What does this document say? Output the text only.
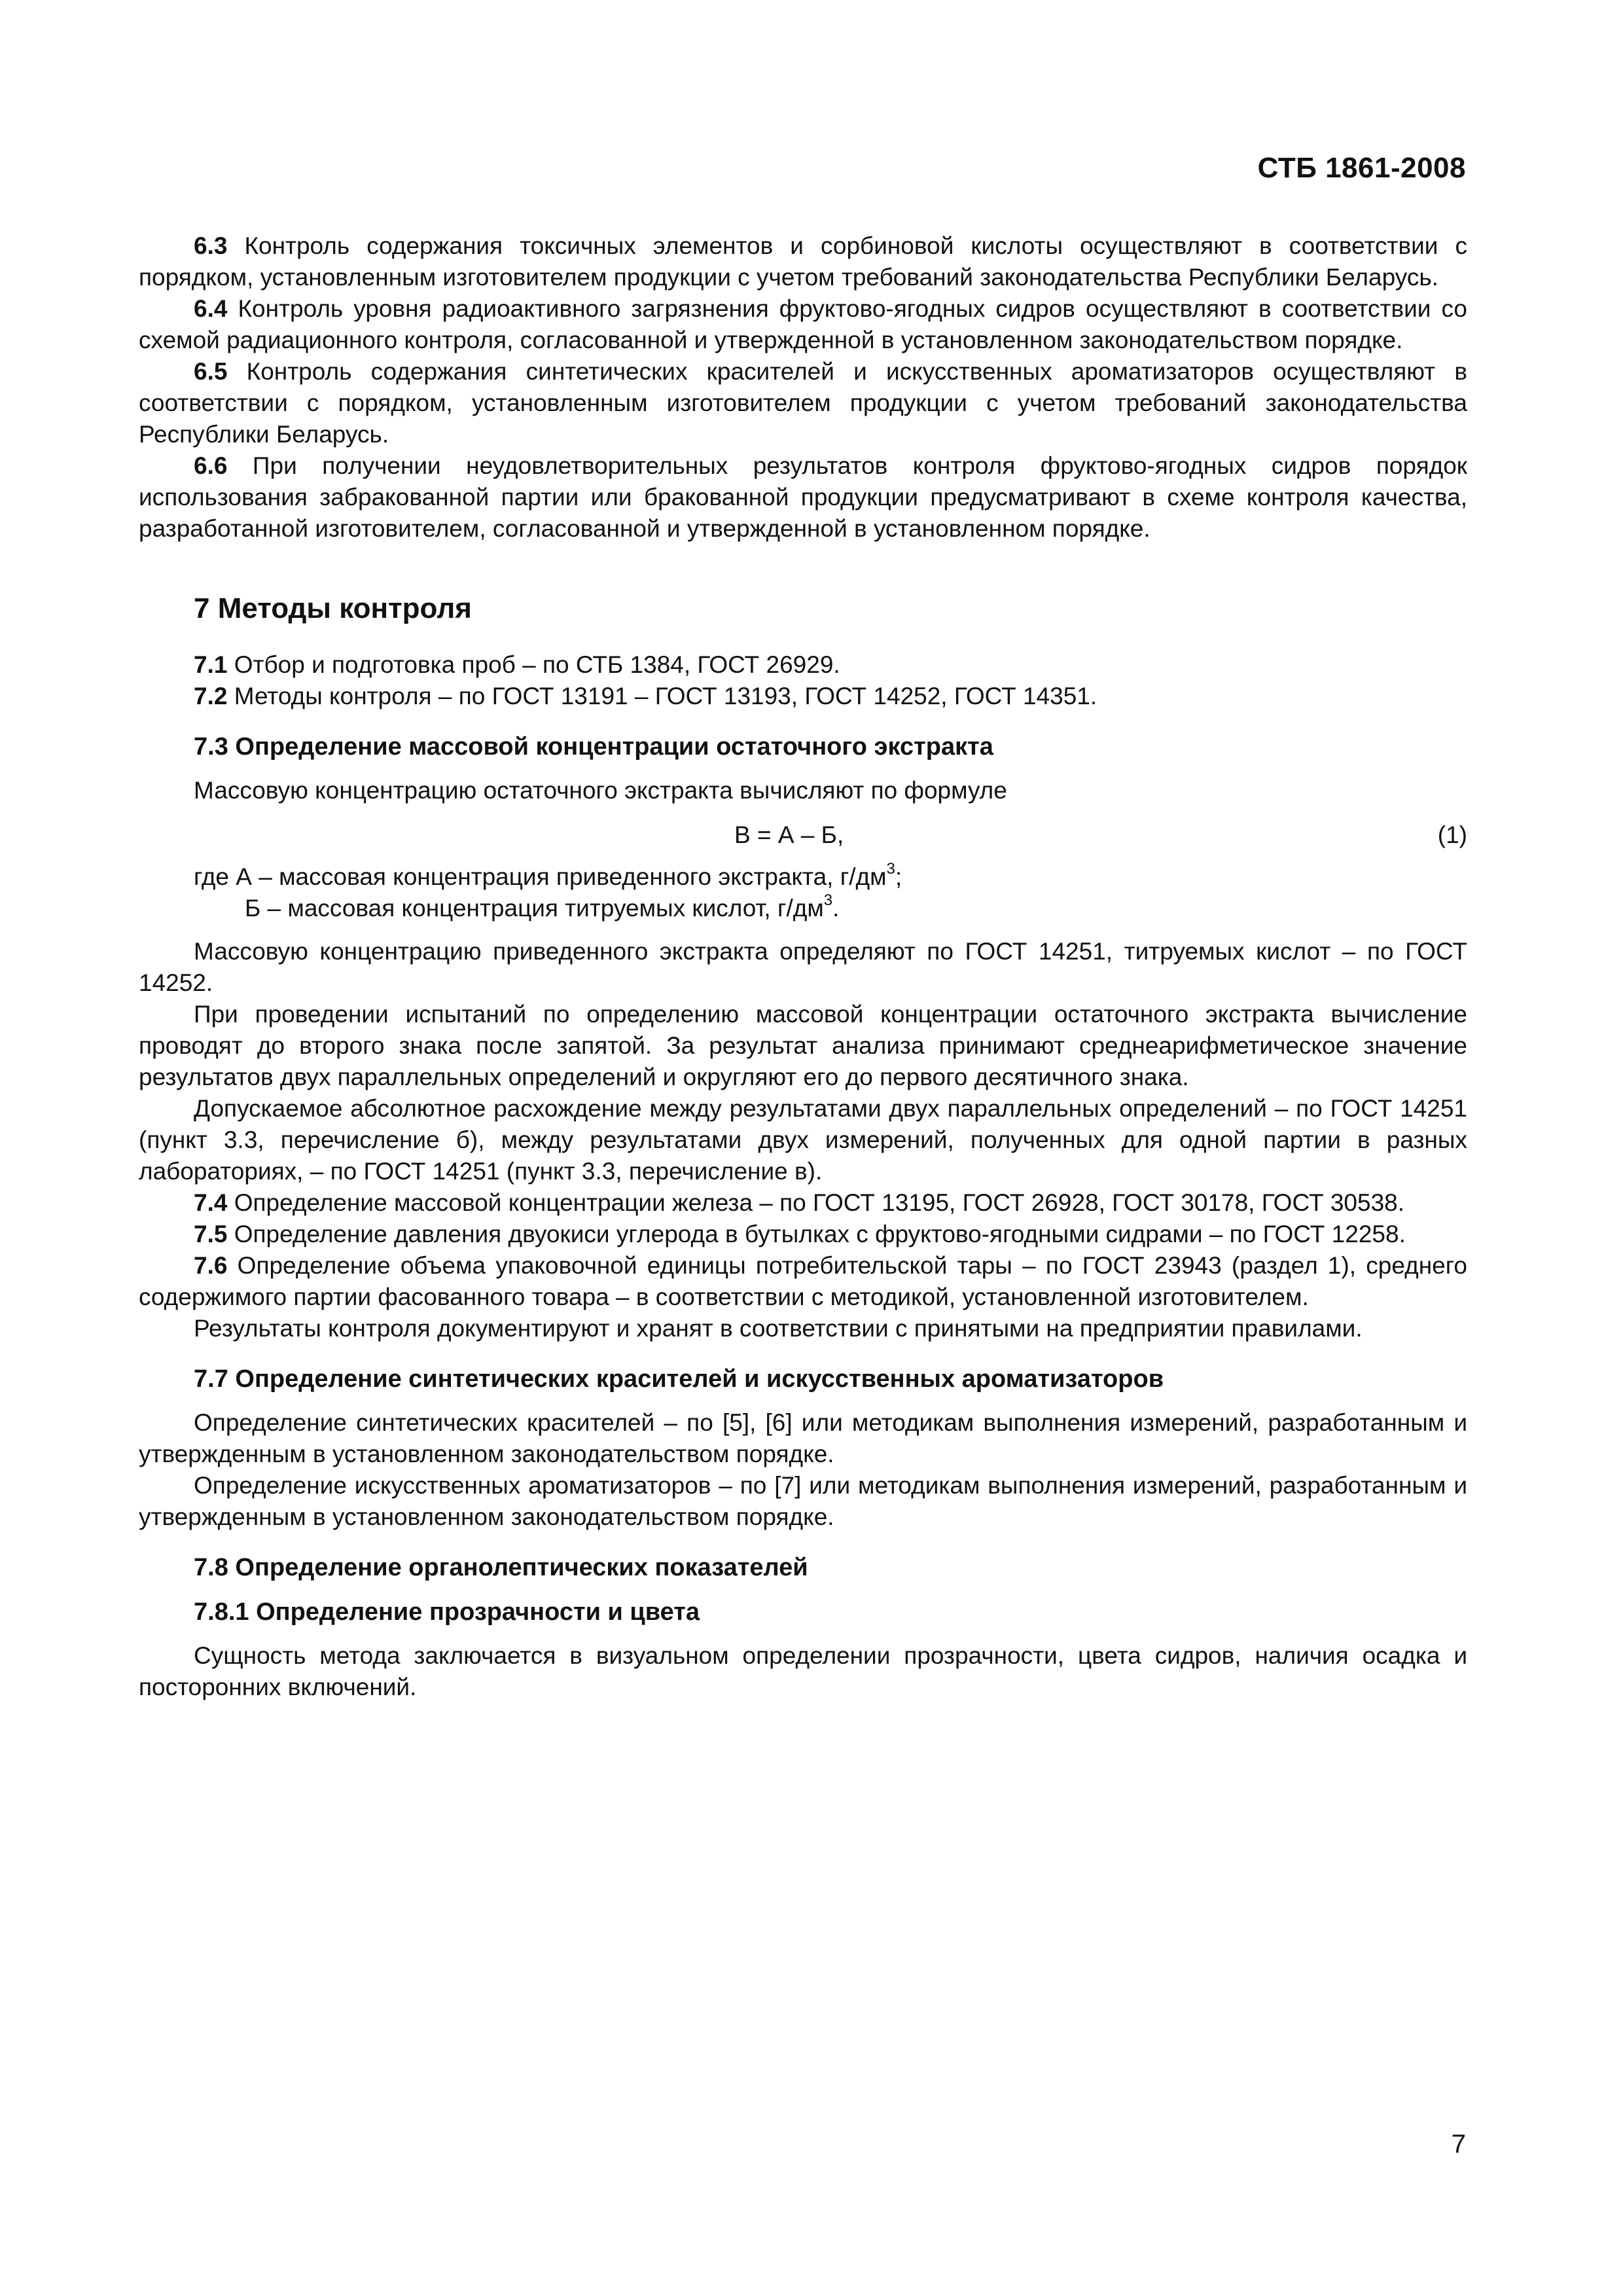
СТБ 1861-2008

6.3 Контроль содержания токсичных элементов и сорбиновой кислоты осуществляют в соответствии с порядком, установленным изготовителем продукции с учетом требований законодательства Республики Беларусь.

6.4 Контроль уровня радиоактивного загрязнения фруктово-ягодных сидров осуществляют в соответствии со схемой радиационного контроля, согласованной и утвержденной в установленном законодательством порядке.

6.5 Контроль содержания синтетических красителей и искусственных ароматизаторов осуществляют в соответствии с порядком, установленным изготовителем продукции с учетом требований законодательства Республики Беларусь.

6.6 При получении неудовлетворительных результатов контроля фруктово-ягодных сидров порядок использования забракованной партии или бракованной продукции предусматривают в схеме контроля качества, разработанной изготовителем, согласованной и утвержденной в установленном порядке.

7 Методы контроля

7.1 Отбор и подготовка проб – по СТБ 1384, ГОСТ 26929.

7.2 Методы контроля – по ГОСТ 13191 – ГОСТ 13193, ГОСТ 14252, ГОСТ 14351.

7.3 Определение массовой концентрации остаточного экстракта

Массовую концентрацию остаточного экстракта вычисляют по формуле

В = А – Б,	(1)
где А – массовая концентрация приведенного экстракта, $г/дм^3$;
Б – массовая концентрация титруемых кислот, $г/дм^3$.

Массовую концентрацию приведенного экстракта определяют по ГОСТ 14251, титруемых кислот – по ГОСТ 14252.

При проведении испытаний по определению массовой концентрации остаточного экстракта вычисление проводят до второго знака после запятой. За результат анализа принимают среднеарифметическое значение результатов двух параллельных определений и округляют его до первого десятичного знака.

Допускаемое абсолютное расхождение между результатами двух параллельных определений – по ГОСТ 14251 (пункт 3.3, перечисление б), между результатами двух измерений, полученных для одной партии в разных лабораториях, – по ГОСТ 14251 (пункт 3.3, перечисление в).

7.4 Определение массовой концентрации железа – по ГОСТ 13195, ГОСТ 26928, ГОСТ 30178, ГОСТ 30538.

7.5 Определение давления двуокиси углерода в бутылках с фруктово-ягодными сидрами – по ГОСТ 12258.

7.6 Определение объема упаковочной единицы потребительской тары – по ГОСТ 23943 (раздел 1), среднего содержимого партии фасованного товара – в соответствии с методикой, установленной изготовителем.

Результаты контроля документируют и хранят в соответствии с принятыми на предприятии правилами.

7.7 Определение синтетических красителей и искусственных ароматизаторов

Определение синтетических красителей – по [5], [6] или методикам выполнения измерений, разработанным и утвержденным в установленном законодательством порядке.

Определение искусственных ароматизаторов – по [7] или методикам выполнения измерений, разработанным и утвержденным в установленном законодательством порядке.

7.8 Определение органолептических показателей
7.8.1 Определение прозрачности и цвета

Сущность метода заключается в визуальном определении прозрачности, цвета сидров, наличия осадка и посторонних включений.

7
